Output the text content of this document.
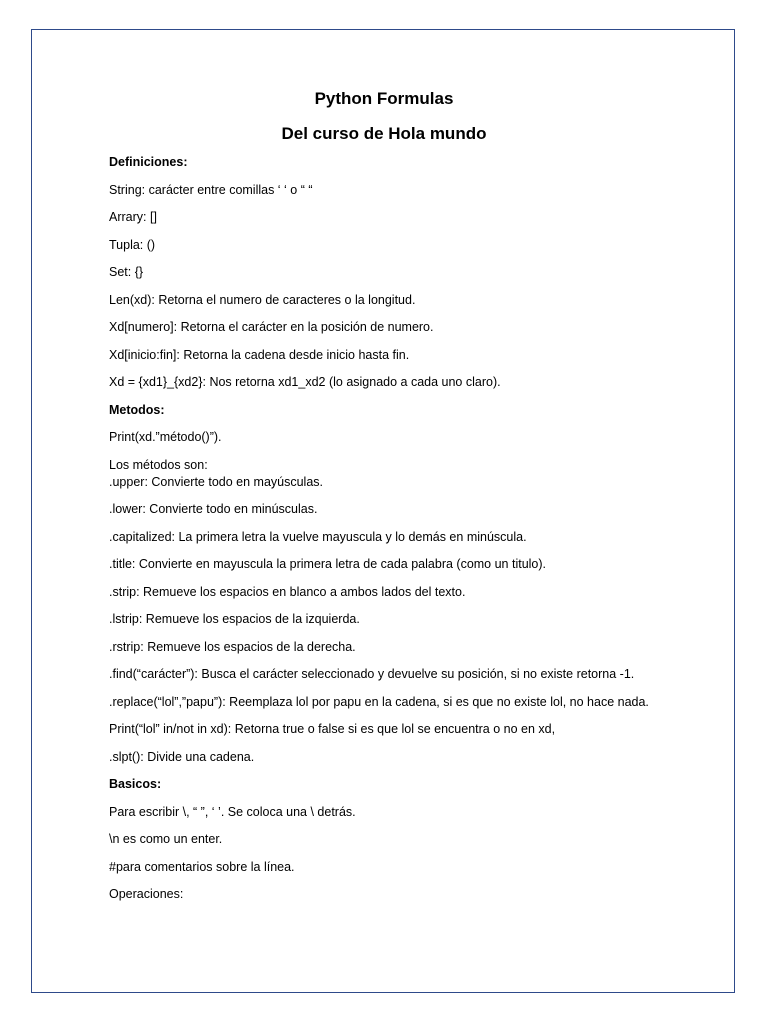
Python Formulas
Del curso de Hola mundo
Definiciones:
String: carácter entre comillas ‘ ‘ o “ “
Arrary: []
Tupla: ()
Set: {}
Len(xd): Retorna el numero de caracteres o la longitud.
Xd[numero]: Retorna el carácter en la posición de numero.
Xd[inicio:fin]: Retorna la cadena desde inicio hasta fin.
Xd = {xd1}_{xd2}: Nos retorna xd1_xd2 (lo asignado a cada uno claro).
Metodos:
Print(xd.”método()”).
Los métodos son:
.upper: Convierte todo en mayúsculas.
.lower: Convierte todo en minúsculas.
.capitalized: La primera letra la vuelve mayuscula y lo demás en minúscula.
.title: Convierte en mayuscula la primera letra de cada palabra (como un titulo).
.strip: Remueve los espacios en blanco a ambos lados del texto.
.lstrip: Remueve los espacios de la izquierda.
.rstrip: Remueve los espacios de la derecha.
.find(“carácter”): Busca el carácter seleccionado y devuelve su posición, si no existe retorna -1.
.replace(“lol”,”papu”): Reemplaza lol por papu en la cadena, si es que no existe lol, no hace nada.
Print(“lol” in/not in xd): Retorna true o false si es que lol se encuentra o no en xd,
.slpt(): Divide una cadena.
Basicos:
Para escribir \, “ ”, ‘ ’. Se coloca una \ detrás.
\n es como un enter.
#para comentarios sobre la línea.
Operaciones:
